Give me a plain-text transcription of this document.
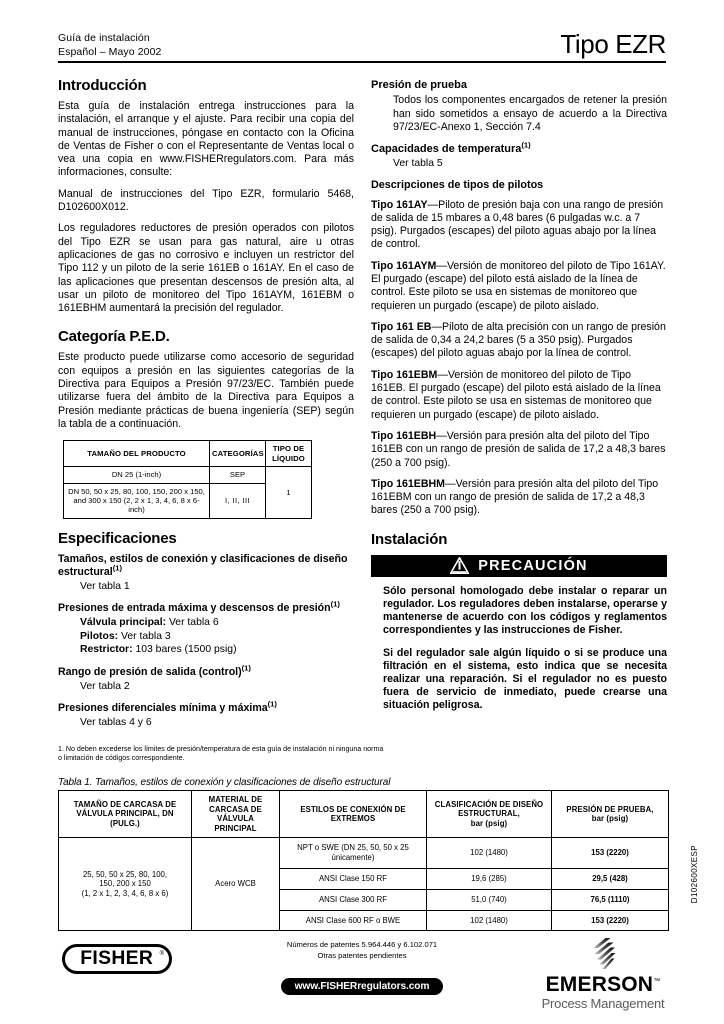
Guía de instalación
Español – Mayo 2002	Tipo EZR
Introducción

Esta guía de instalación entrega instrucciones para la instalación, el arranque y el ajuste. Para recibir una copia del manual de instrucciones, póngase en contacto con la Oficina de Ventas de Fisher o con el Representante de Ventas local o vea una copia en www.FISHERregulators.com. Para más informaciones, consulte:

Manual de instrucciones del Tipo EZR, formulario 5468, D102600X012.

Los reguladores reductores de presión operados con pilotos del Tipo EZR se usan para gas natural, aire u otras aplicaciones de gas no corrosivo e incluyen un restrictor del Tipo 112 y un piloto de la serie 161EB o 161AY. En el caso de las aplicaciones que presentan descensos de presión alta, al usar un piloto de monitoreo del Tipo 161AYM, 161EBM o 161EBHM aumentará la precisión del regulador.

Categoría P.E.D.

Este producto puede utilizarse como accesorio de seguridad con equipos a presión en las siguientes categorías de la Directiva para Equipos a Presión 97/23/EC. También puede utilizarse fuera del ámbito de la Directiva para Equipos a Presión mediante prácticas de buena ingeniería (SEP) según la tabla de a continuación.

TAMAÑO DEL PRODUCTO	CATEGORÍAS	TIPO DE LÍQUIDO
DN 25 (1-inch)	SEP	1
DN 50, 50 x 25, 80, 100, 150, 200 x 150, and 300 x 150 (2, 2 x 1, 3, 4, 6, 8 x 6-inch)	I, II, III	
Especificaciones
Tamaños, estilos de conexión y clasificaciones de diseño estructural$^{(1)}$

Ver tabla 1

Presiones de entrada máxima y descensos de presión$^{(1)}$

Válvula principal: Ver tabla 6

Pilotos: Ver tabla 3

Restrictor: 103 bares (1500 psig)

Rango de presión de salida (control)$^{(1)}$

Ver tabla 2

Presiones diferenciales mínima y máxima$^{(1)}$

Ver tablas 4 y 6

Presión de prueba

Todos los componentes encargados de retener la presión han sido sometidos a ensayo de acuerdo a la Directiva 97/23/EC-Anexo 1, Sección 7.4

Capacidades de temperatura$^{(1)}$

Ver tabla 5

Descripciones de tipos de pilotos

Tipo 161AY—Piloto de presión baja con una rango de presión de salida de 15 mbares a 0,48 bares (6 pulgadas w.c. a 7 psig). Purgados (escapes) del piloto aguas abajo por la línea de control.

Tipo 161AYM—Versión de monitoreo del piloto de Tipo 161AY. El purgado (escape) del piloto está aislado de la línea de control. Este piloto se usa en sistemas de monitoreo que requieren un purgado (escape) de piloto aislado.

Tipo 161 EB—Piloto de alta precisión con un rango de presión de salida de 0,34 a 24,2 bares (5 a 350 psig). Purgados (escapes) del piloto aguas abajo por la línea de control.

Tipo 161EBM—Versión de monitoreo del piloto de Tipo 161EB. El purgado (escape) del piloto está aislado de la línea de control. Este piloto se usa en sistemas de monitoreo que requieren un purgado (escape) de piloto aislado.

Tipo 161EBH—Versión para presión alta del piloto del Tipo 161EB con un rango de presión de salida de 17,2 a 48,3 bares (250 a 700 psig).

Tipo 161EBHM—Versión para presión alta del piloto del Tipo 161EBM con un rango de presión de salida de 17,2 a 48,3 bares (250 a 700 psig).

Instalación
PRECAUCIÓN

Sólo personal homologado debe instalar o reparar un regulador. Los reguladores deben instalarse, operarse y mantenerse de acuerdo con los códigos y reglamentos correspondientes y las instrucciones de Fisher.

Si del regulador sale algún líquido o si se produce una filtración en el sistema, esto indica que se necesita realizar una reparación. Si el regulador no es puesto fuera de servicio de inmediato, puede crearse una situación peligrosa.

1. No deben excederse los límites de presión/temperatura de esta guía de instalación ni ninguna norma o limitación de códigos correspondiente.
Tabla 1. Tamaños, estilos de conexión y clasificaciones de diseño estructural
TAMAÑO DE CARCASA DE
VÁLVULA PRINCIPAL, DN
(PULG.)	MATERIAL DE
CARCASA DE
VÁLVULA
PRINCIPAL	ESTILOS DE CONEXIÓN DE
EXTREMOS	CLASIFICACIÓN DE DISEÑO
ESTRUCTURAL,
bar (psig)	PRESIÓN DE PRUEBA,
bar (psig)
25, 50, 50 x 25, 80, 100,
150, 200 x 150
(1, 2 x 1, 2, 3, 4, 6, 8 x 6)	Acero WCB	NPT o SWE (DN 25, 50, 50 x 25
únicamente)	102 (1480)	153 (2220)
		ANSI Clase 150 RF	19,6 (285)	29,5 (428)
		ANSI Clase 300 RF	51,0 (740)	76,5 (1110)
		ANSI Clase 600 RF o BWE	102 (1480)	153 (2220)
D102600XESP
FISHER ®
Números de patentes 5.964.446 y 6.102.071
Otras patentes pendientes
www.FISHERregulators.com	EMERSON™
Process Management
